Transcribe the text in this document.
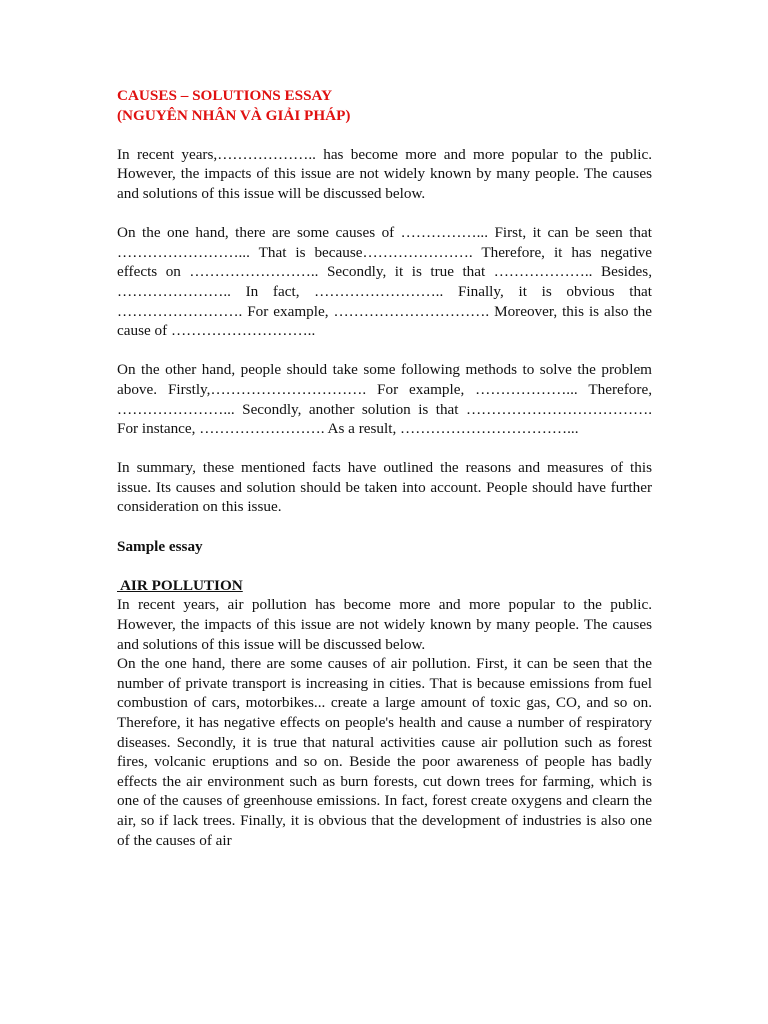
CAUSES – SOLUTIONS ESSAY
(NGUYÊN NHÂN VÀ GIẢI PHÁP)

In recent years,……………….. has become more and more popular to the public. However, the impacts of this issue are not widely known by many people. The causes and solutions of this issue will be discussed below.

On the one hand, there are some causes of ……………... First, it can be seen that ……………………... That is because…………………. Therefore, it has negative effects on …………………….. Secondly, it is true that ……………….. Besides, ………………….. In fact, …………………….. Finally, it is obvious that ……………………. For example, …………………………. Moreover, this is also the cause of ………………………..

On the other hand, people should take some following methods to solve the problem above. Firstly,…………………………. For example, ………………... Therefore, …………………... Secondly, another solution is that ………………………………. For instance, ……………………. As a result, ……………………………...

In summary, these mentioned facts have outlined the reasons and measures of this issue. Its causes and solution should be taken into account. People should have further consideration on this issue.

Sample essay
AIR POLLUTION

In recent years, air pollution has become more and more popular to the public. However, the impacts of this issue are not widely known by many people. The causes and solutions of this issue will be discussed below.

On the one hand, there are some causes of air pollution. First, it can be seen that the number of private transport is increasing in cities. That is because emissions from fuel combustion of cars, motorbikes... create a large amount of toxic gas, CO, and so on. Therefore, it has negative effects on people's health and cause a number of respiratory diseases. Secondly, it is true that natural activities cause air pollution such as forest fires, volcanic eruptions and so on. Beside the poor awareness of people has badly effects the air environment such as burn forests, cut down trees for farming, which is one of the causes of greenhouse emissions. In fact, forest create oxygens and clearn the air, so if lack trees. Finally, it is obvious that the development of industries is also one of the causes of air
